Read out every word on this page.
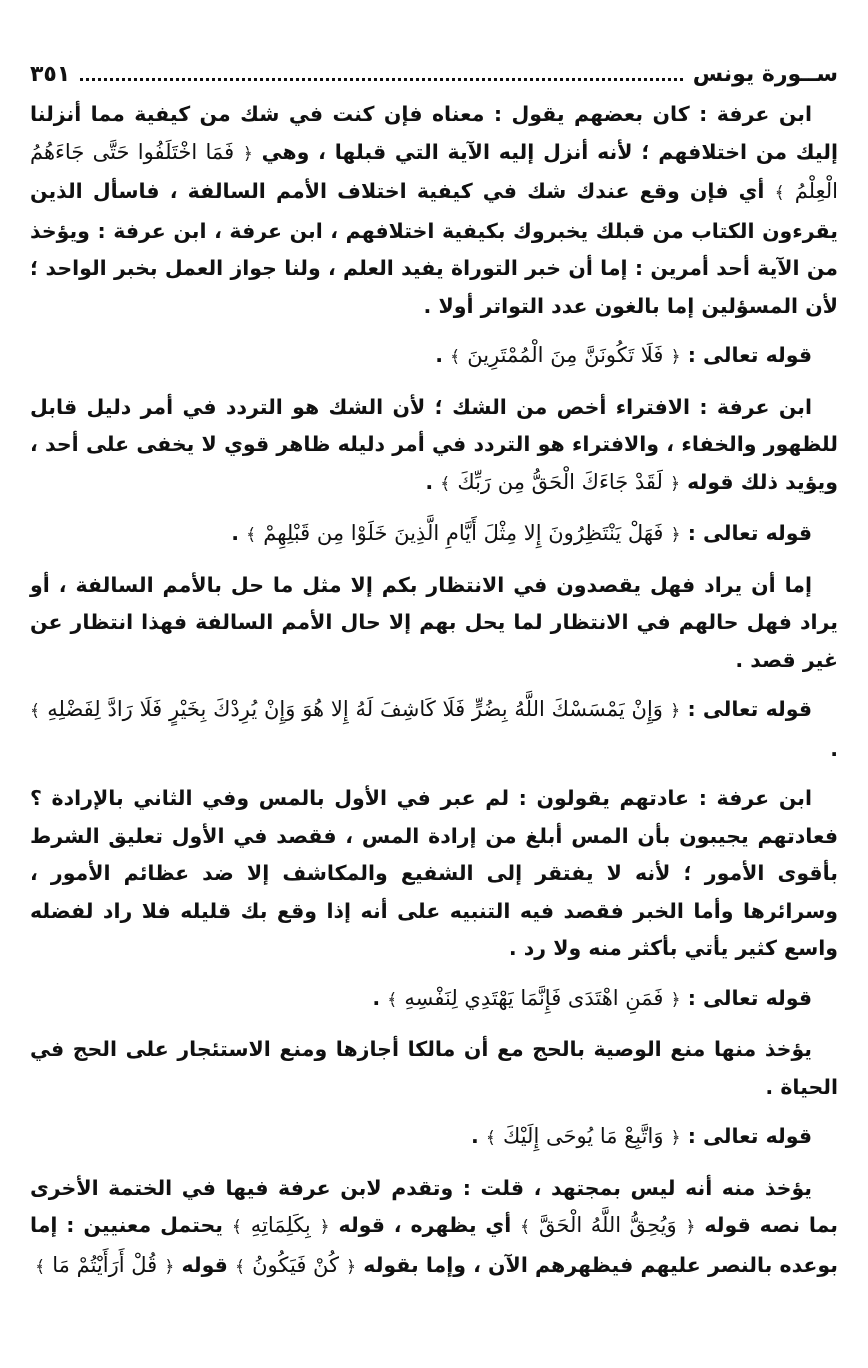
ســورة يونس
٣٥١

ابن عرفة : كان بعضهم يقول : معناه فإن كنت في شك من كيفية مما أنزلنا إليك من اختلافهم ؛ لأنه أنزل إليه الآية التي قبلها ، وهي ﴿ فَمَا اخْتَلَفُوا حَتَّى جَاءَهُمُ الْعِلْمُ ﴾ أي فإن وقع عندك شك في كيفية اختلاف الأمم السالفة ، فاسأل الذين يقرءون الكتاب من قبلك يخبروك بكيفية اختلافهم ، ابن عرفة ، ابن عرفة : ويؤخذ من الآية أحد أمرين : إما أن خبر التوراة يفيد العلم ، ولنا جواز العمل بخبر الواحد ؛ لأن المسؤلين إما بالغون عدد التواتر أولا .

قوله تعالى : ﴿ فَلَا تَكُونَنَّ مِنَ الْمُمْتَرِينَ ﴾ .

ابن عرفة : الافتراء أخص من الشك ؛ لأن الشك هو التردد في أمر دليل قابل للظهور والخفاء ، والافتراء هو التردد في أمر دليله ظاهر قوي لا يخفى على أحد ، ويؤيد ذلك قوله ﴿ لَقَدْ جَاءَكَ الْحَقُّ مِن رَبِّكَ ﴾ .

قوله تعالى : ﴿ فَهَلْ يَنْتَظِرُونَ إِلا مِثْلَ أَيَّامِ الَّذِينَ خَلَوْا مِن قَبْلِهِمْ ﴾ .

إما أن يراد فهل يقصدون في الانتظار بكم إلا مثل ما حل بالأمم السالفة ، أو يراد فهل حالهم في الانتظار لما يحل بهم إلا حال الأمم السالفة فهذا انتظار عن غير قصد .

قوله تعالى : ﴿ وَإِنْ يَمْسَسْكَ اللَّهُ بِضُرٍّ فَلَا كَاشِفَ لَهُ إِلا هُوَ وَإِنْ يُرِدْكَ بِخَيْرٍ فَلَا رَادَّ لِفَضْلِهِ ﴾ .

ابن عرفة : عادتهم يقولون : لم عبر في الأول بالمس وفي الثاني بالإرادة ؟ فعادتهم يجيبون بأن المس أبلغ من إرادة المس ، فقصد في الأول تعليق الشرط بأقوى الأمور ؛ لأنه لا يفتقر إلى الشفيع والمكاشف إلا ضد عظائم الأمور ، وسرائرها وأما الخبر فقصد فيه التنبيه على أنه إذا وقع بك قليله فلا راد لفضله واسع كثير يأتي بأكثر منه ولا رد .

قوله تعالى : ﴿ فَمَنِ اهْتَدَى فَإِنَّمَا يَهْتَدِي لِنَفْسِهِ ﴾ .

يؤخذ منها منع الوصية بالحج مع أن مالكا أجازها ومنع الاستئجار على الحج في الحياة .

قوله تعالى : ﴿ وَاتَّبِعْ مَا يُوحَى إِلَيْكَ ﴾ .

يؤخذ منه أنه ليس بمجتهد ، قلت : وتقدم لابن عرفة فيها في الختمة الأخرى بما نصه قوله ﴿ وَيُحِقُّ اللَّهُ الْحَقَّ ﴾ أي يظهره ، قوله ﴿ بِكَلِمَاتِهِ ﴾ يحتمل معنيين : إما بوعده بالنصر عليهم فيظهرهم الآن ، وإما بقوله ﴿ كُنْ فَيَكُونُ ﴾ قوله ﴿ قُلْ أَرَأَيْتُمْ مَا ﴾
